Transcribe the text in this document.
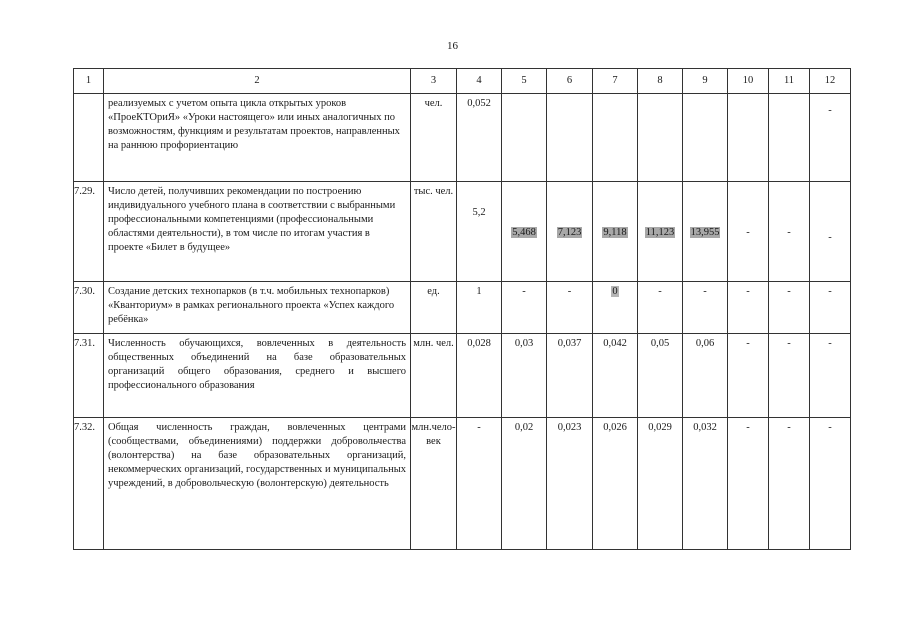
16
1	2	3	4	5	6	7	8	9	10	11	12
	реализуемых с учетом опыта цикла открытых уроков «ПроеКТОриЯ» «Уроки настоящего» или иных аналогичных по возможностям, функциям и результатам проектов, направленных на раннюю профориентацию	чел.	0,052								-
7.29.	Число детей, получивших рекомендации по построению индивидуального учебного плана в соответствии с выбранными профессиональными компетенциями (профессиональными областями деятельности), в том числе по итогам участия в проекте «Билет в будущее»	тыс. чел.	5,2	5,468	7,123	9,118	11,123	13,955	-	-	-
7.30.	Создание детских технопарков (в т.ч. мобильных технопарков) «Кванториум» в рамках регионального проекта «Успех каждого ребёнка»	ед.	1	-	-	0	-	-	-	-	-
7.31.	Численность обучающихся, вовлеченных в деятельность общественных объединений на базе образовательных организаций общего образования, среднего и высшего профессионального образования	млн. чел.	0,028	0,03	0,037	0,042	0,05	0,06	-	-	-
7.32.	Общая численность граждан, вовлеченных центрами (сообществами, объединениями) поддержки добровольчества (волонтерства) на базе образовательных организаций, некоммерческих организаций, государственных и муниципальных учреждений, в добровольческую (волонтерскую) деятельность	млн.чело-век	-	0,02	0,023	0,026	0,029	0,032	-	-	-
